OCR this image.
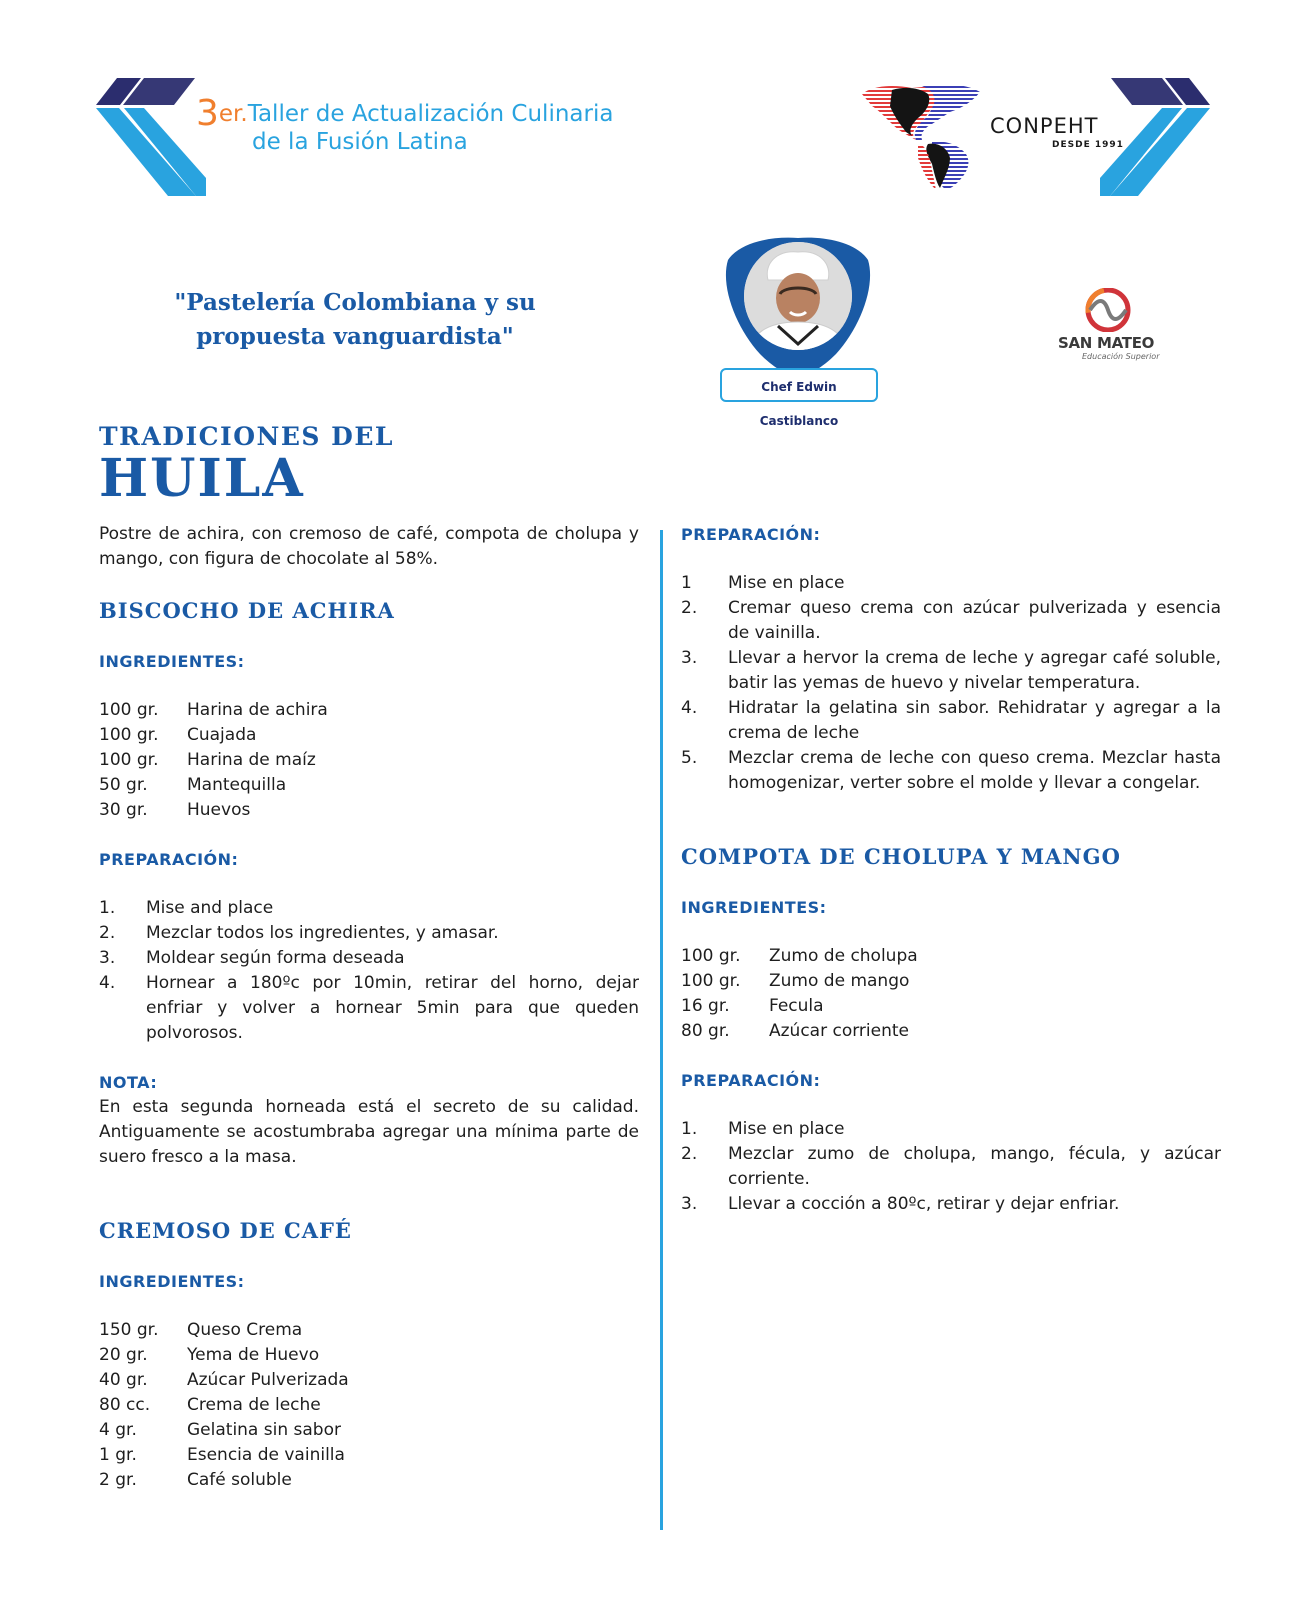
3er.Taller de Actualización Culinaria
de la Fusión Latina
CONPEHT
DESDE 1991
"Pastelería Colombiana y su
propuesta vanguardista"
Chef Edwin Castiblanco
SAN MATEO
Educación Superior
TRADICIONES DEL
HUILA
Postre de achira, con cremoso de café, compota de cholupa y mango, con figura de chocolate al 58%.
BISCOCHO DE ACHIRA
INGREDIENTES:
100 gr.	Harina de achira
100 gr.	Cuajada
100 gr.	Harina de maíz
50 gr.	Mantequilla
30 gr.	Huevos
PREPARACIÓN:
1.	Mise and place
2.	Mezclar todos los ingredientes, y amasar.
3.	Moldear según forma deseada
4.	Hornear a 180ºc por 10min, retirar del horno, dejar enfriar y volver a hornear 5min para que queden polvorosos.
NOTA:
En esta segunda horneada está el secreto de su calidad. Antiguamente se acostumbraba agregar una mínima parte de suero fresco a la masa.
CREMOSO DE CAFÉ
INGREDIENTES:
150 gr.	Queso Crema
20 gr.	Yema de Huevo
40 gr.	Azúcar Pulverizada
80 cc.	Crema de leche
4 gr.	Gelatina sin sabor
1 gr.	Esencia de vainilla
2 gr.	Café soluble
PREPARACIÓN:
1	Mise en place
2.	Cremar queso crema con azúcar pulverizada y esencia de vainilla.
3.	Llevar a hervor la crema de leche y agregar café soluble, batir las yemas de huevo y nivelar temperatura.
4.	Hidratar la gelatina sin sabor. Rehidratar y agregar a la crema de leche
5.	Mezclar crema de leche con queso crema. Mezclar hasta homogenizar, verter sobre el molde y llevar a congelar.
COMPOTA DE CHOLUPA Y MANGO
INGREDIENTES:
100 gr.	Zumo de cholupa
100 gr.	Zumo de mango
16 gr.	Fecula
80 gr.	Azúcar corriente
PREPARACIÓN:
1.	Mise en place
2.	Mezclar zumo de cholupa, mango, fécula, y azúcar corriente.
3.	Llevar a cocción a 80ºc, retirar y dejar enfriar.
